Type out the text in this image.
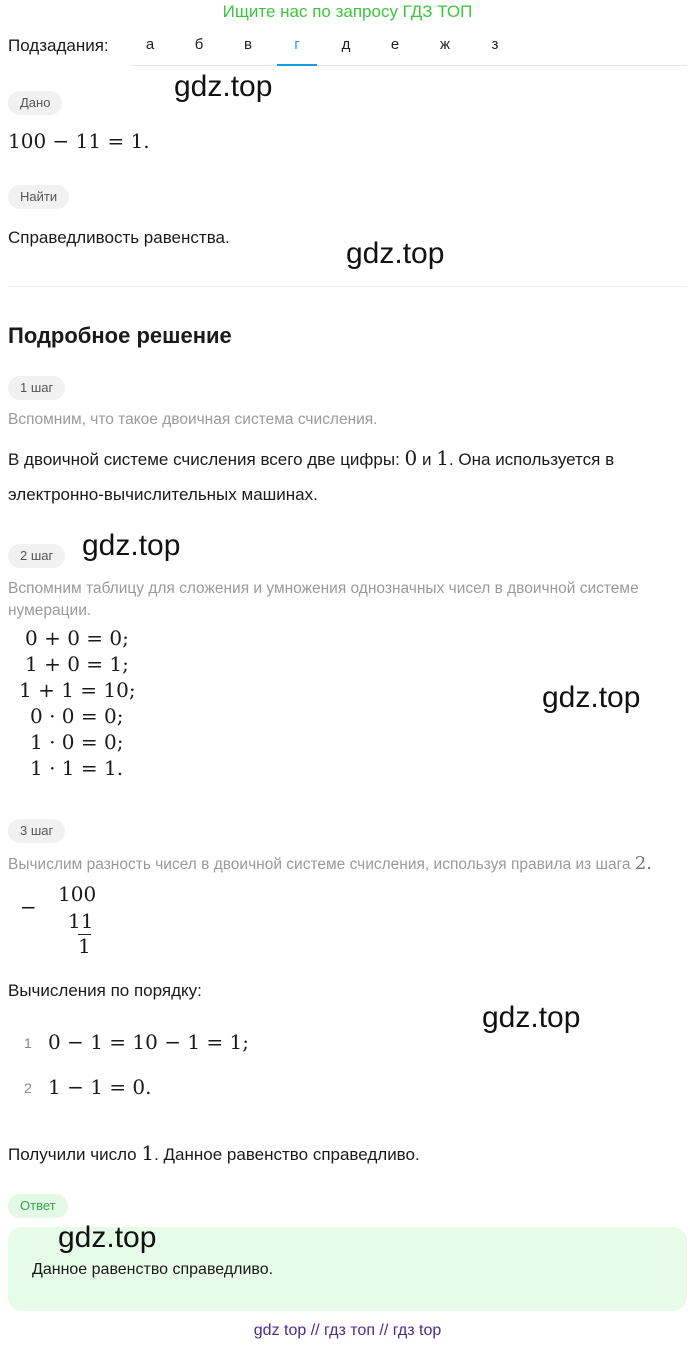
Ищите нас по запросу ГДЗ ТОП
Подзадания:	а	б	в	г	д	е	ж	з
Дано	gdz.top
100 − 11 = 1.
Найти
Справедливость равенства.	gdz.top
Подробное решение
1 шаг
Вспомним, что такое двоичная система счисления.
В двоичной системе счисления всего две цифры: 0 и 1. Она используется в
электронно-вычислительных машинах.
2 шаг gdz.top
Вспомним таблицу для сложения и умножения однозначных чисел в двоичной системе
нумерации.
0 + 0 = 0;
1 + 0 = 1;
1 + 1 = 10;
0 · 0 = 0;
1 · 0 = 0;
1 · 1 = 1.
gdz.top
3 шаг
Вычислим разность чисел в двоичной системе счисления, используя правила из шага 2.
−
100
11
1
Вычисления по порядку:
gdz.top
1 0 − 1 = 10 − 1 = 1;
2 1 − 1 = 0.
Получили число 1. Данное равенство справедливо.
Ответ
Данное равенство справедливо.
gdz.top
gdz top // гдз топ // гдз top
